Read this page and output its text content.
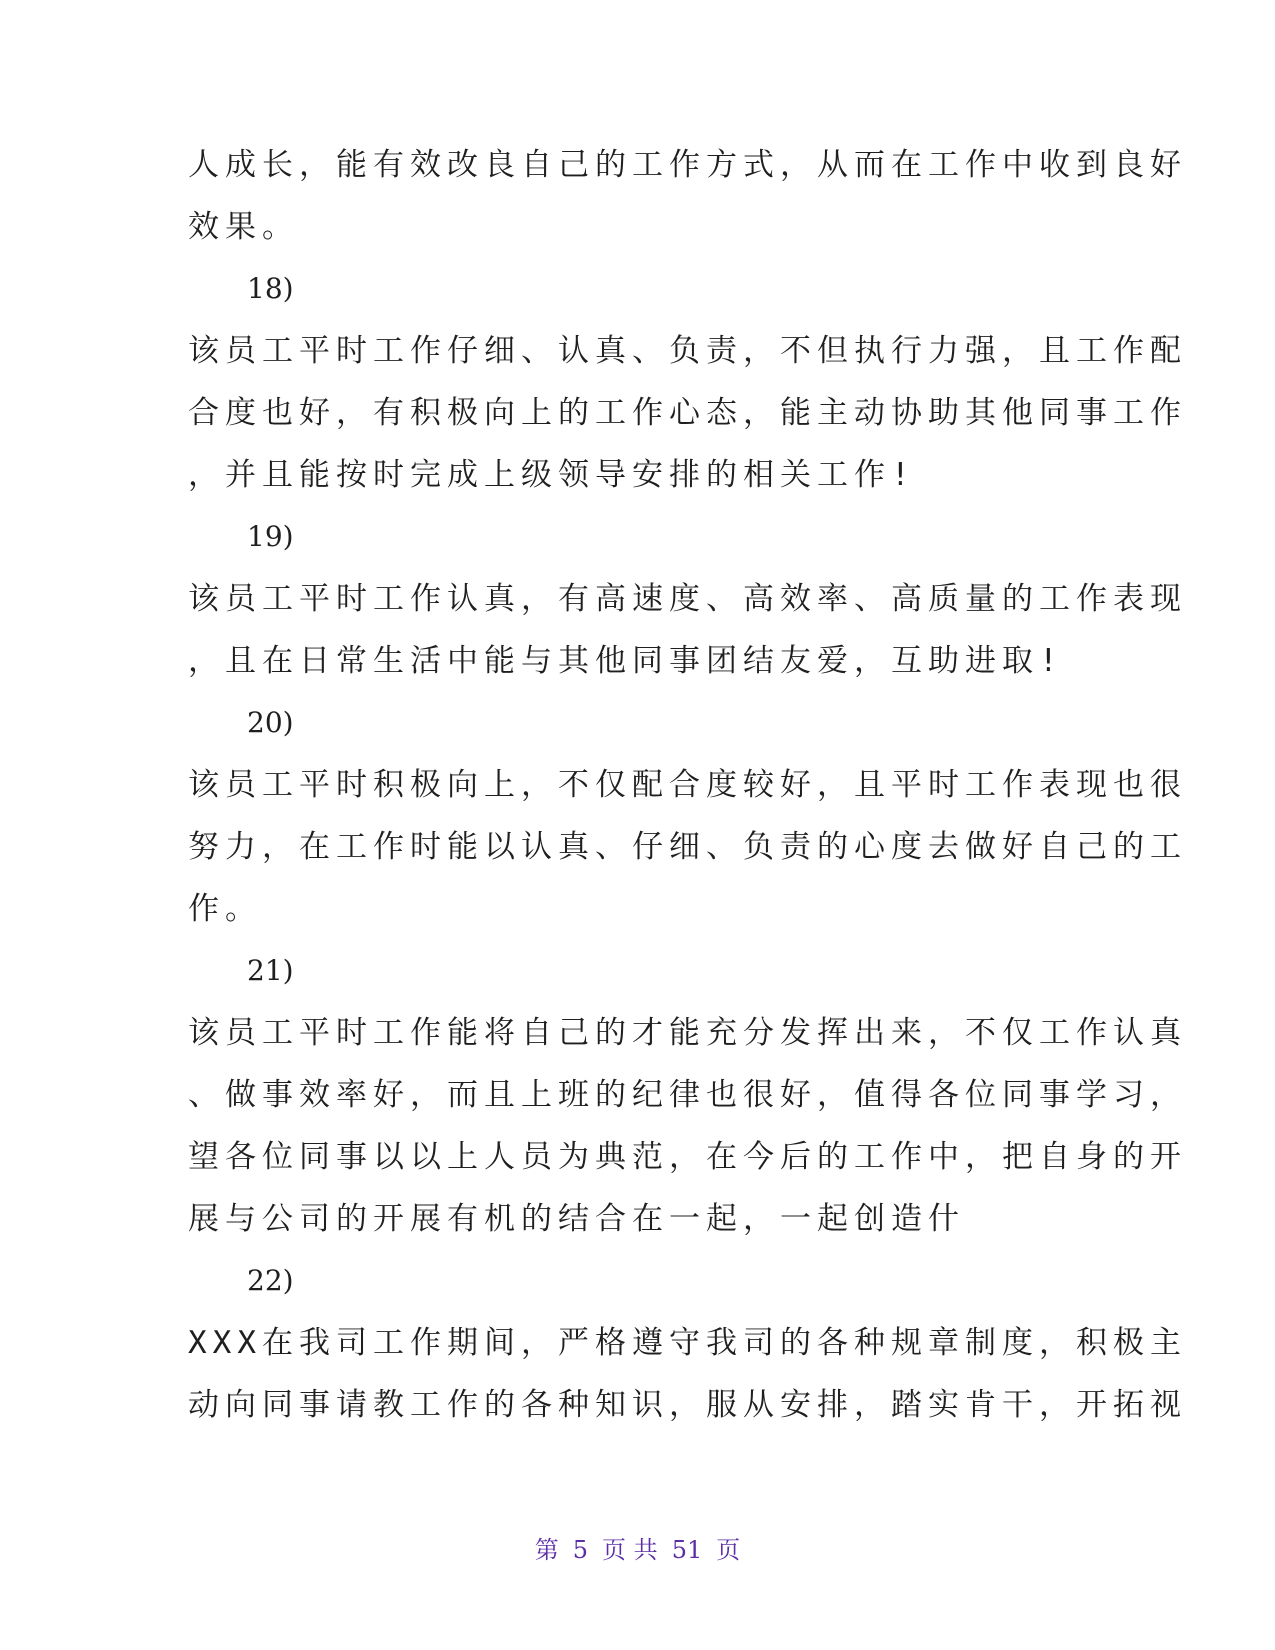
人成长，能有效改良自己的工作方式，从而在工作中收到良好
效果。
18)
该员工平时工作仔细、认真、负责，不但执行力强，且工作配
合度也好，有积极向上的工作心态，能主动协助其他同事工作
，并且能按时完成上级领导安排的相关工作!
19)
该员工平时工作认真，有高速度、高效率、高质量的工作表现
，且在日常生活中能与其他同事团结友爱，互助进取!
20)
该员工平时积极向上，不仅配合度较好，且平时工作表现也很
努力，在工作时能以认真、仔细、负责的心度去做好自己的工
作。
21)
该员工平时工作能将自己的才能充分发挥出来，不仅工作认真
、做事效率好，而且上班的纪律也很好，值得各位同事学习，
望各位同事以以上人员为典范，在今后的工作中，把自身的开
展与公司的开展有机的结合在一起，一起创造什
22)
XXX在我司工作期间，严格遵守我司的各种规章制度，积极主
动向同事请教工作的各种知识，服从安排，踏实肯干，开拓视
第 5 页 共 51 页
